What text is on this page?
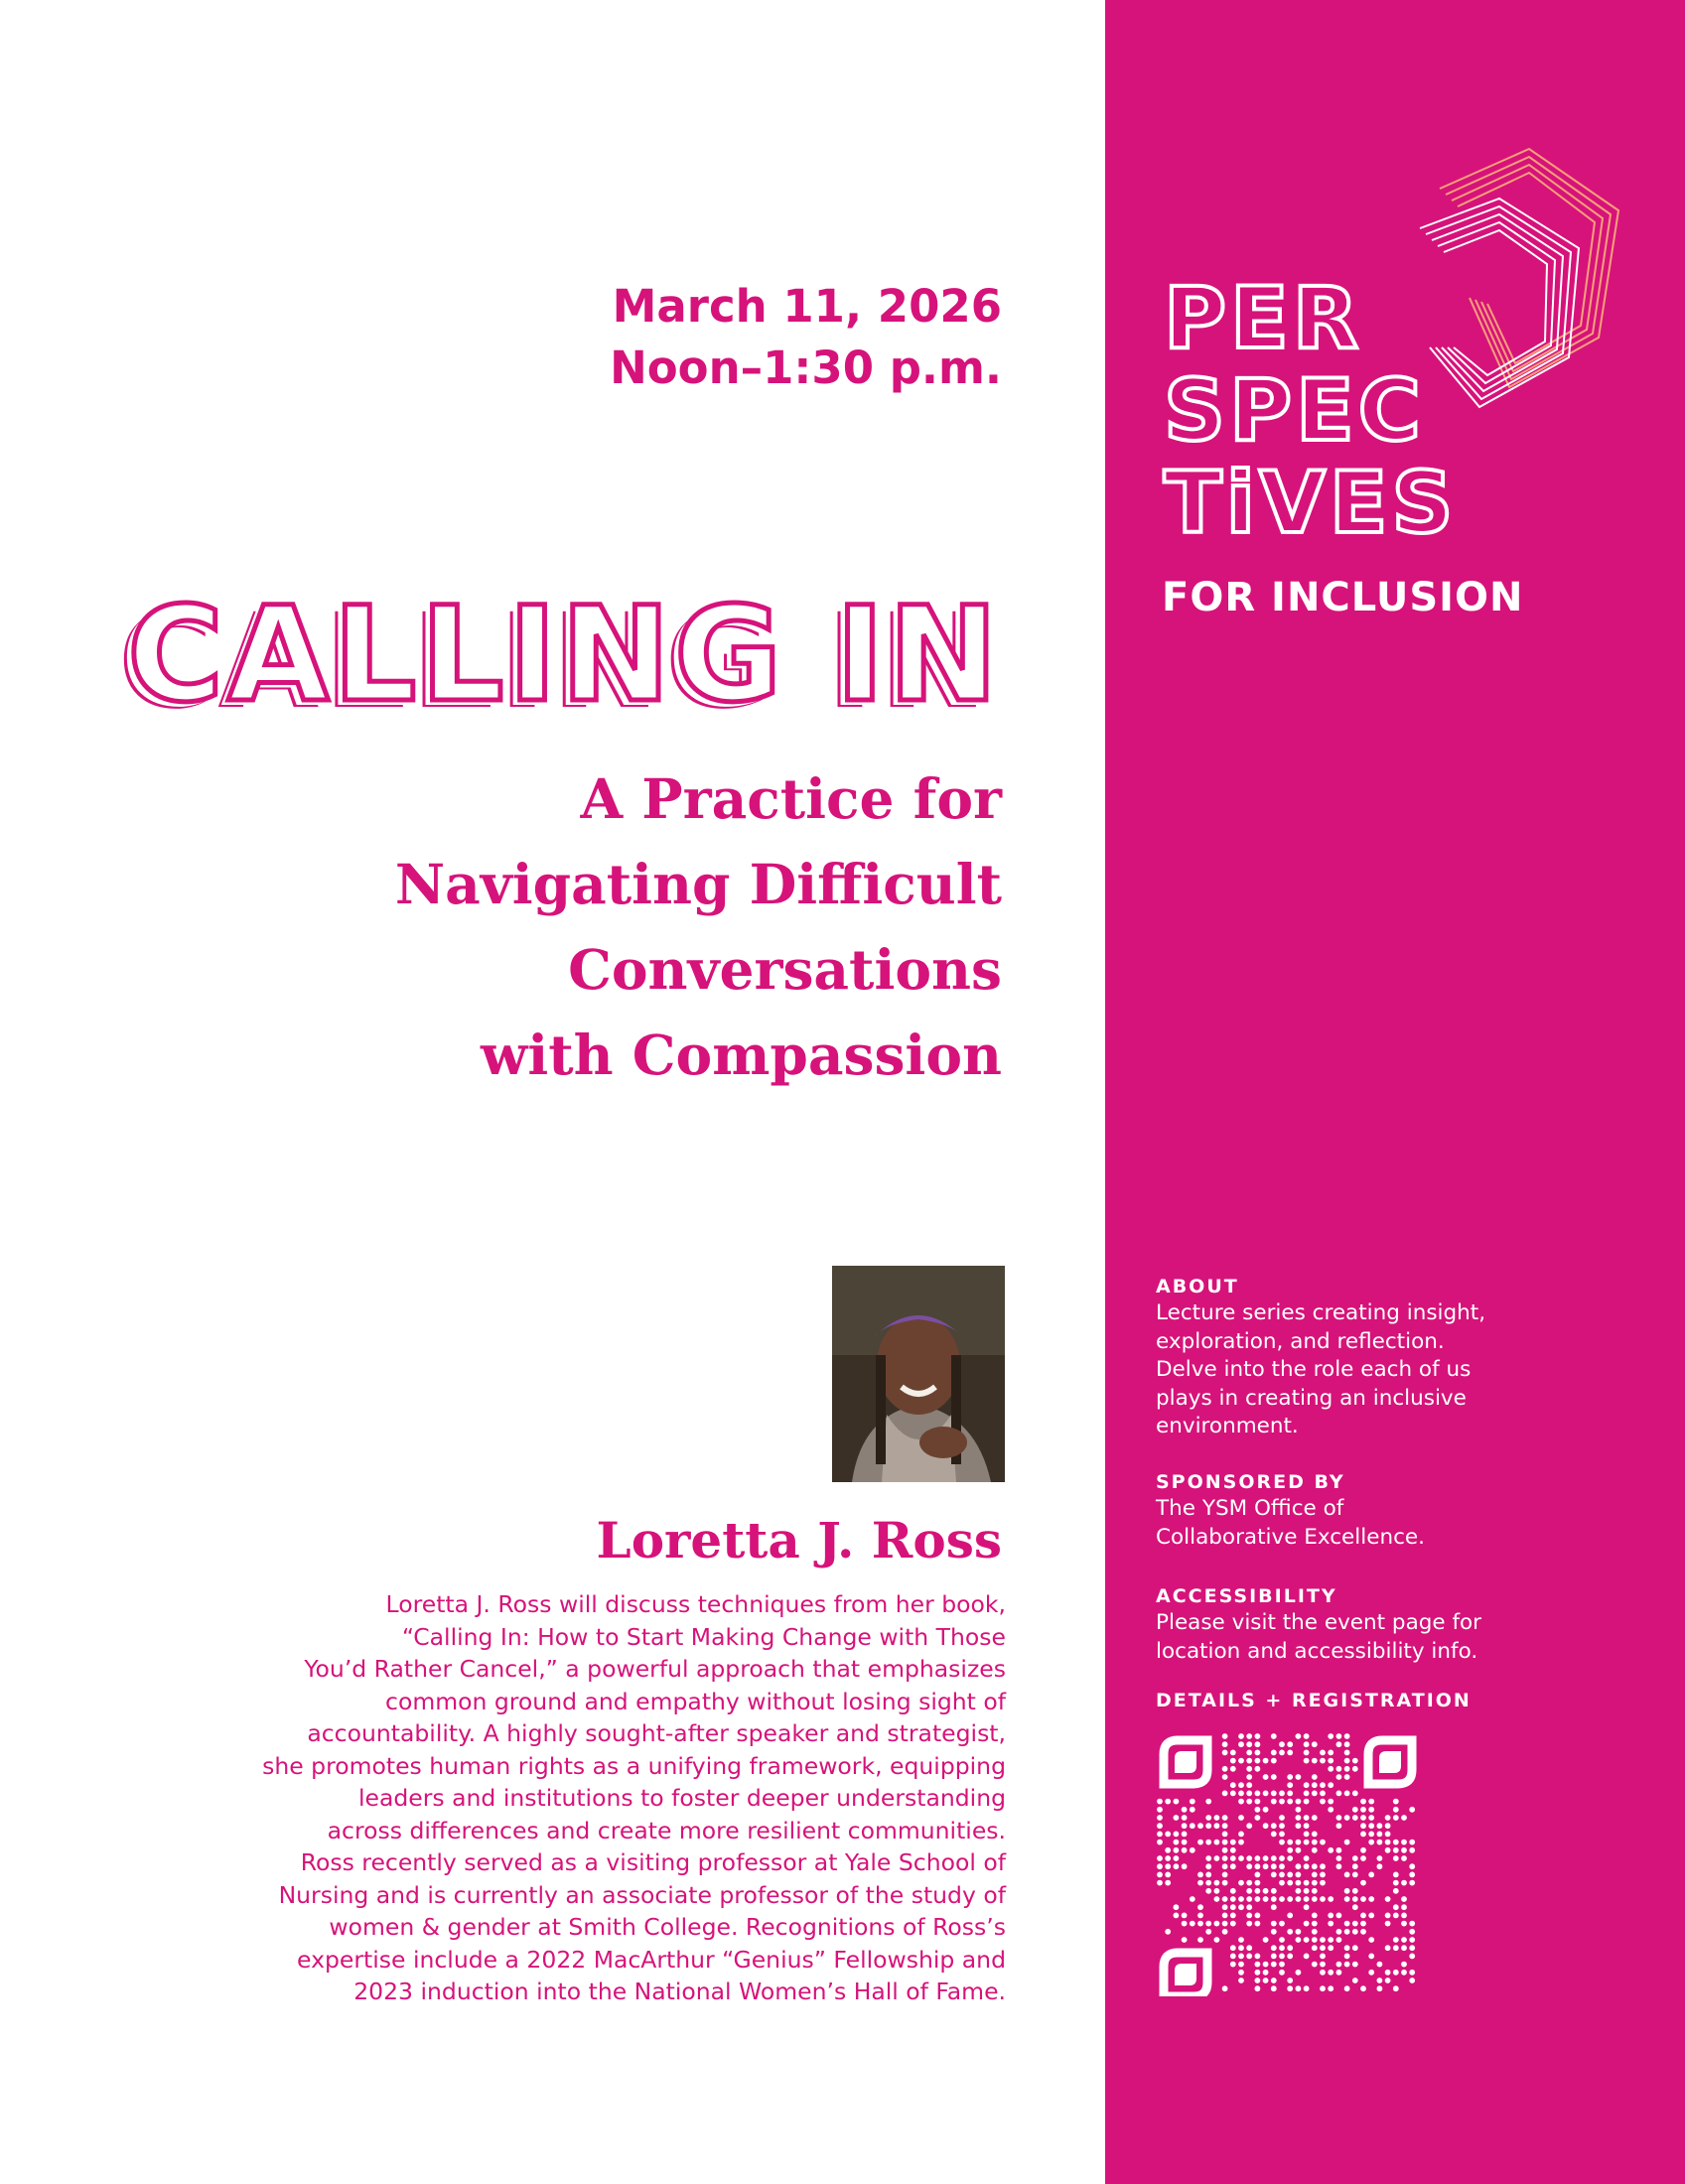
March 11, 2026
Noon–1:30 p.m.
CALLING IN
A Practice for
Navigating Difficult
Conversations
with Compassion
Loretta J. Ross
Loretta J. Ross will discuss techniques from her book,
“Calling In: How to Start Making Change with Those
You’d Rather Cancel,” a powerful approach that emphasizes
common ground and empathy without losing sight of
accountability. A highly sought-after speaker and strategist,
she promotes human rights as a unifying framework, equipping
leaders and institutions to foster deeper understanding
across differences and create more resilient communities.
Ross recently served as a visiting professor at Yale School of
Nursing and is currently an associate professor of the study of
women & gender at Smith College. Recognitions of Ross’s
expertise include a 2022 MacArthur “Genius” Fellowship and
2023 induction into the National Women’s Hall of Fame.
PER
SPEC
TiVES
FOR INCLUSION
ABOUT
Lecture series creating insight,
exploration, and reflection.
Delve into the role each of us
plays in creating an inclusive
environment.
SPONSORED BY
The YSM Office of
Collaborative Excellence.
ACCESSIBILITY
Please visit the event page for
location and accessibility info.
DETAILS + REGISTRATION
